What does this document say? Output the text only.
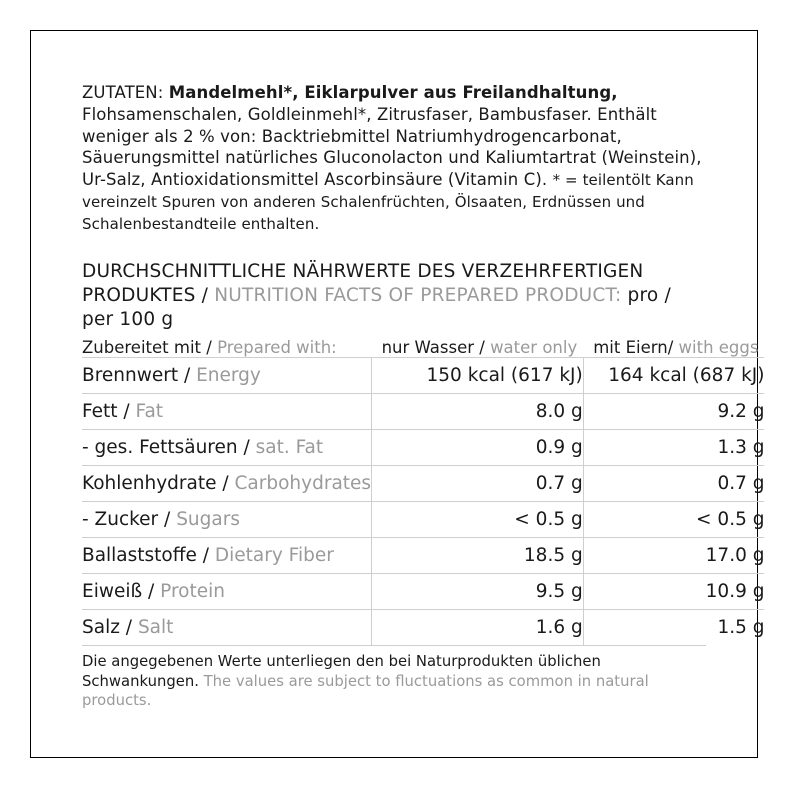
ZUTATEN: Mandelmehl*, Eiklarpulver aus Freilandhaltung, Flohsamenschalen, Goldleinmehl*, Zitrusfaser, Bambusfaser. Enthält weniger als 2 % von: Backtriebmittel Natriumhydrogencarbonat, Säuerungsmittel natürliches Gluconolacton und Kaliumtartrat (Weinstein), Ur-Salz, Antioxidationsmittel Ascorbinsäure (Vitamin C). * = teilentölt Kann vereinzelt Spuren von anderen Schalenfrüchten, Ölsaaten, Erdnüssen und Schalenbestandteile enthalten.
DURCHSCHNITTLICHE NÄHRWERTE DES VERZEHRFERTIGEN PRODUKTES / NUTRITION FACTS OF PREPARED PRODUCT: pro / per 100 g
Zubereitet mit / Prepared with:	nur Wasser / water only	mit Eiern/ with eggs
Brennwert / Energy	150 kcal (617 kJ)	164 kcal (687 kJ)
Fett / Fat	8.0 g	9.2 g
- ges. Fettsäuren / sat. Fat	0.9 g	1.3 g
Kohlenhydrate / Carbohydrates	0.7 g	0.7 g
- Zucker / Sugars	< 0.5 g	< 0.5 g
Ballaststoffe / Dietary Fiber	18.5 g	17.0 g
Eiweiß / Protein	9.5 g	10.9 g
Salz / Salt	1.6 g	1.5 g
Die angegebenen Werte unterliegen den bei Naturprodukten üblichen Schwankungen. The values are subject to fluctuations as common in natural products.
